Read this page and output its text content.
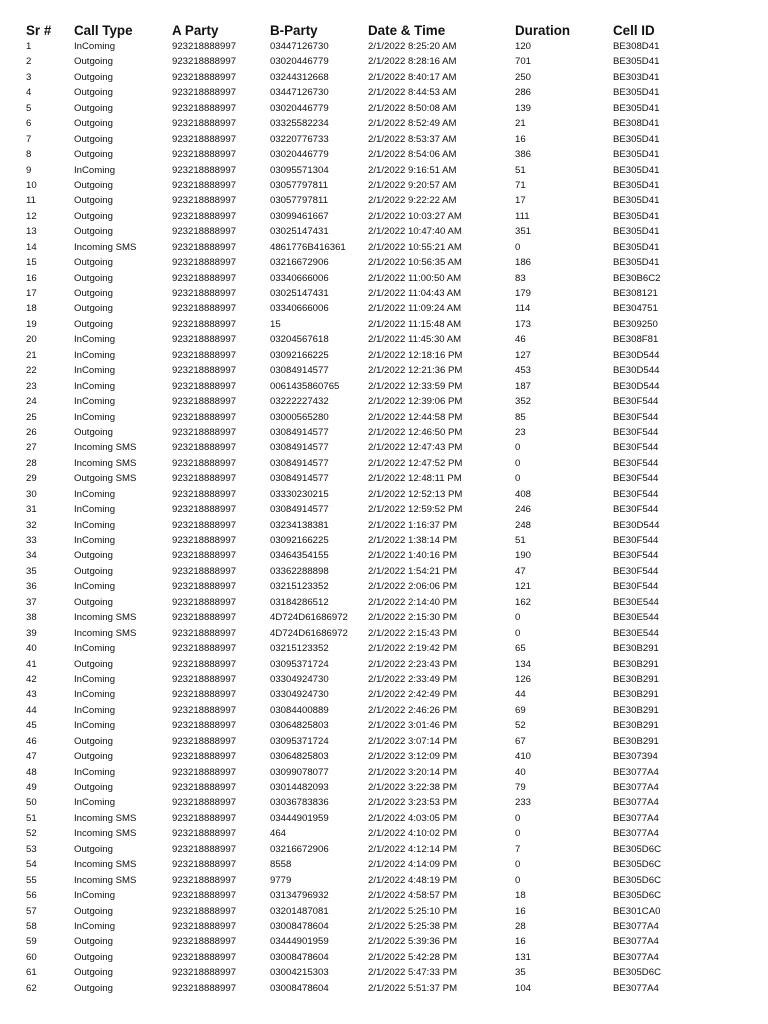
Sr #	Call Type	A Party	B-Party	Date & Time	Duration	Cell ID
1	InComing	923218888997	03447126730	2/1/2022 8:25:20 AM	120	BE308D41
2	Outgoing	923218888997	03020446779	2/1/2022 8:28:16 AM	701	BE305D41
3	Outgoing	923218888997	03244312668	2/1/2022 8:40:17 AM	250	BE303D41
4	Outgoing	923218888997	03447126730	2/1/2022 8:44:53 AM	286	BE305D41
5	Outgoing	923218888997	03020446779	2/1/2022 8:50:08 AM	139	BE305D41
6	Outgoing	923218888997	03325582234	2/1/2022 8:52:49 AM	21	BE308D41
7	Outgoing	923218888997	03220776733	2/1/2022 8:53:37 AM	16	BE305D41
8	Outgoing	923218888997	03020446779	2/1/2022 8:54:06 AM	386	BE305D41
9	InComing	923218888997	03095571304	2/1/2022 9:16:51 AM	51	BE305D41
10	Outgoing	923218888997	03057797811	2/1/2022 9:20:57 AM	71	BE305D41
11	Outgoing	923218888997	03057797811	2/1/2022 9:22:22 AM	17	BE305D41
12	Outgoing	923218888997	03099461667	2/1/2022 10:03:27 AM	111	BE305D41
13	Outgoing	923218888997	03025147431	2/1/2022 10:47:40 AM	351	BE305D41
14	Incoming SMS	923218888997	4861776B416361	2/1/2022 10:55:21 AM	0	BE305D41
15	Outgoing	923218888997	03216672906	2/1/2022 10:56:35 AM	186	BE305D41
16	Outgoing	923218888997	03340666006	2/1/2022 11:00:50 AM	83	BE30B6C2
17	Outgoing	923218888997	03025147431	2/1/2022 11:04:43 AM	179	BE308121
18	Outgoing	923218888997	03340666006	2/1/2022 11:09:24 AM	114	BE304751
19	Outgoing	923218888997	15	2/1/2022 11:15:48 AM	173	BE309250
20	InComing	923218888997	03204567618	2/1/2022 11:45:30 AM	46	BE308F81
21	InComing	923218888997	03092166225	2/1/2022 12:18:16 PM	127	BE30D544
22	InComing	923218888997	03084914577	2/1/2022 12:21:36 PM	453	BE30D544
23	InComing	923218888997	0061435860765	2/1/2022 12:33:59 PM	187	BE30D544
24	InComing	923218888997	03222227432	2/1/2022 12:39:06 PM	352	BE30F544
25	InComing	923218888997	03000565280	2/1/2022 12:44:58 PM	85	BE30F544
26	Outgoing	923218888997	03084914577	2/1/2022 12:46:50 PM	23	BE30F544
27	Incoming SMS	923218888997	03084914577	2/1/2022 12:47:43 PM	0	BE30F544
28	Incoming SMS	923218888997	03084914577	2/1/2022 12:47:52 PM	0	BE30F544
29	Outgoing SMS	923218888997	03084914577	2/1/2022 12:48:11 PM	0	BE30F544
30	InComing	923218888997	03330230215	2/1/2022 12:52:13 PM	408	BE30F544
31	InComing	923218888997	03084914577	2/1/2022 12:59:52 PM	246	BE30F544
32	InComing	923218888997	03234138381	2/1/2022 1:16:37 PM	248	BE30D544
33	InComing	923218888997	03092166225	2/1/2022 1:38:14 PM	51	BE30F544
34	Outgoing	923218888997	03464354155	2/1/2022 1:40:16 PM	190	BE30F544
35	Outgoing	923218888997	03362288898	2/1/2022 1:54:21 PM	47	BE30F544
36	InComing	923218888997	03215123352	2/1/2022 2:06:06 PM	121	BE30F544
37	Outgoing	923218888997	03184286512	2/1/2022 2:14:40 PM	162	BE30E544
38	Incoming SMS	923218888997	4D724D61686972	2/1/2022 2:15:30 PM	0	BE30E544
39	Incoming SMS	923218888997	4D724D61686972	2/1/2022 2:15:43 PM	0	BE30E544
40	InComing	923218888997	03215123352	2/1/2022 2:19:42 PM	65	BE30B291
41	Outgoing	923218888997	03095371724	2/1/2022 2:23:43 PM	134	BE30B291
42	InComing	923218888997	03304924730	2/1/2022 2:33:49 PM	126	BE30B291
43	InComing	923218888997	03304924730	2/1/2022 2:42:49 PM	44	BE30B291
44	InComing	923218888997	03084400889	2/1/2022 2:46:26 PM	69	BE30B291
45	InComing	923218888997	03064825803	2/1/2022 3:01:46 PM	52	BE30B291
46	Outgoing	923218888997	03095371724	2/1/2022 3:07:14 PM	67	BE30B291
47	Outgoing	923218888997	03064825803	2/1/2022 3:12:09 PM	410	BE307394
48	InComing	923218888997	03099078077	2/1/2022 3:20:14 PM	40	BE3077A4
49	Outgoing	923218888997	03014482093	2/1/2022 3:22:38 PM	79	BE3077A4
50	InComing	923218888997	03036783836	2/1/2022 3:23:53 PM	233	BE3077A4
51	Incoming SMS	923218888997	03444901959	2/1/2022 4:03:05 PM	0	BE3077A4
52	Incoming SMS	923218888997	464	2/1/2022 4:10:02 PM	0	BE3077A4
53	Outgoing	923218888997	03216672906	2/1/2022 4:12:14 PM	7	BE305D6C
54	Incoming SMS	923218888997	8558	2/1/2022 4:14:09 PM	0	BE305D6C
55	Incoming SMS	923218888997	9779	2/1/2022 4:48:19 PM	0	BE305D6C
56	InComing	923218888997	03134796932	2/1/2022 4:58:57 PM	18	BE305D6C
57	Outgoing	923218888997	03201487081	2/1/2022 5:25:10 PM	16	BE301CA0
58	InComing	923218888997	03008478604	2/1/2022 5:25:38 PM	28	BE3077A4
59	Outgoing	923218888997	03444901959	2/1/2022 5:39:36 PM	16	BE3077A4
60	Outgoing	923218888997	03008478604	2/1/2022 5:42:28 PM	131	BE3077A4
61	Outgoing	923218888997	03004215303	2/1/2022 5:47:33 PM	35	BE305D6C
62	Outgoing	923218888997	03008478604	2/1/2022 5:51:37 PM	104	BE3077A4
